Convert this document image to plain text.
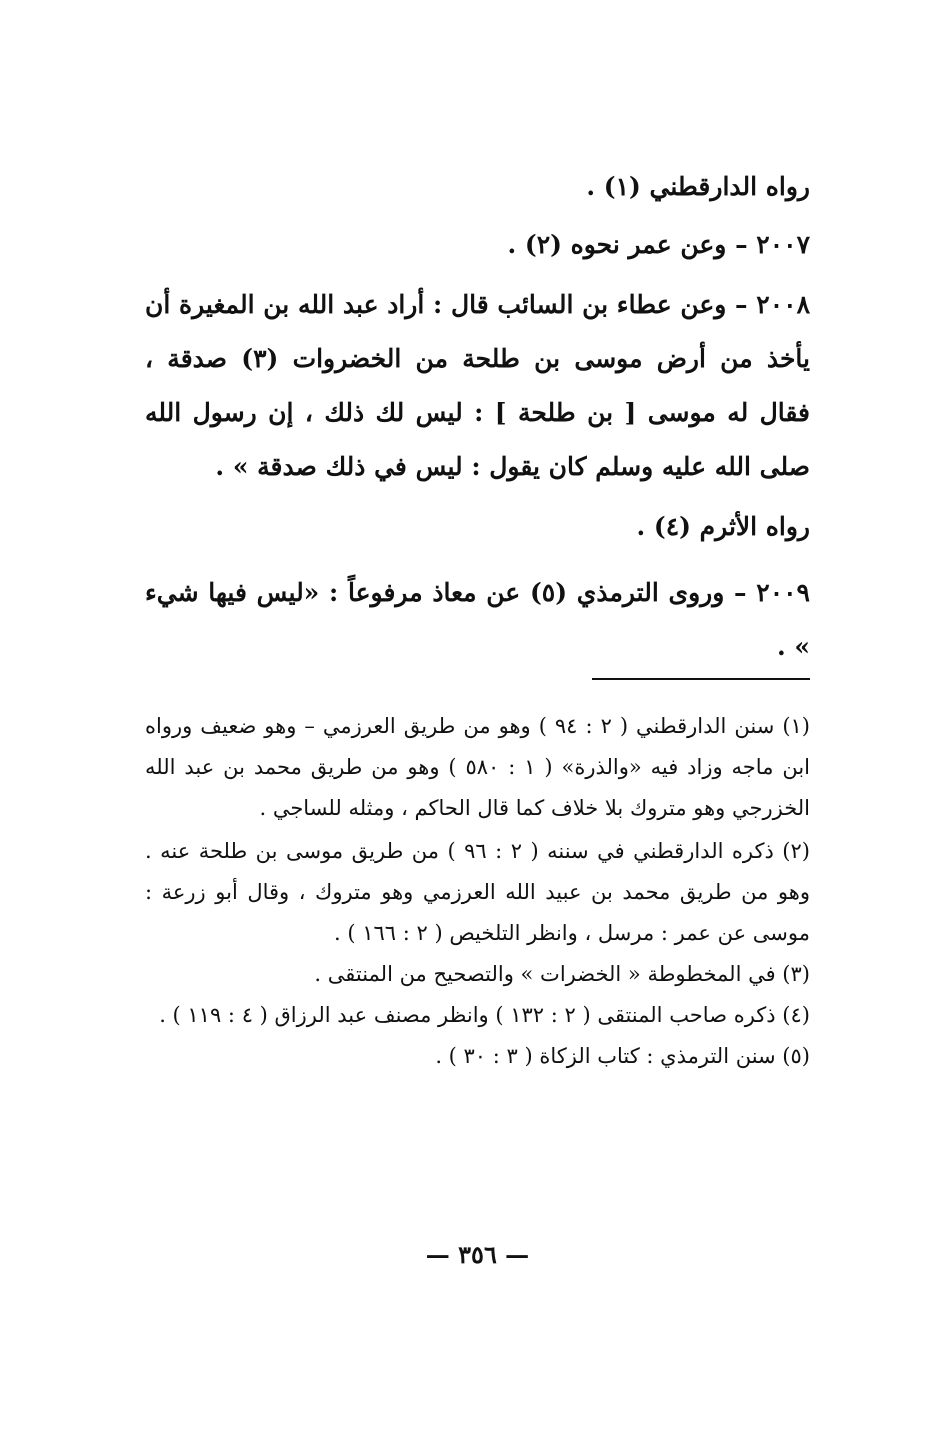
رواه الدارقطني (١) .

٢٠٠٧ – وعن عمر نحوه (٢) .

٢٠٠٨ – وعن عطاء بن السائب قال : أراد عبد الله بن المغيرة أن يأخذ من أرض موسى بن طلحة من الخضروات (٣) صدقة ، فقال له موسى [ بن طلحة ] : ليس لك ذلك ، إن رسول الله صلى الله عليه وسلم كان يقول : ليس في ذلك صدقة » .

رواه الأثرم (٤) .

٢٠٠٩ – وروى الترمذي (٥) عن معاذ مرفوعاً : «ليس فيها شيء » .

(١) سنن الدارقطني ( ٢ : ٩٤ ) وهو من طريق العرزمي – وهو ضعيف ورواه ابن ماجه وزاد فيه «والذرة» ( ١ : ٥٨٠ ) وهو من طريق محمد بن عبد الله الخزرجي وهو متروك بلا خلاف كما قال الحاكم ، ومثله للساجي .

(٢) ذكره الدارقطني في سننه ( ٢ : ٩٦ ) من طريق موسى بن طلحة عنه . وهو من طريق محمد بن عبيد الله العرزمي وهو متروك ، وقال أبو زرعة : موسى عن عمر : مرسل ، وانظر التلخيص ( ٢ : ١٦٦ ) .

(٣) في المخطوطة « الخضرات » والتصحيح من المنتقى .

(٤) ذكره صاحب المنتقى ( ٢ : ١٣٢ ) وانظر مصنف عبد الرزاق ( ٤ : ١١٩ ) .

(٥) سنن الترمذي : كتاب الزكاة ( ٣ : ٣٠ ) .

— ٣٥٦ —
